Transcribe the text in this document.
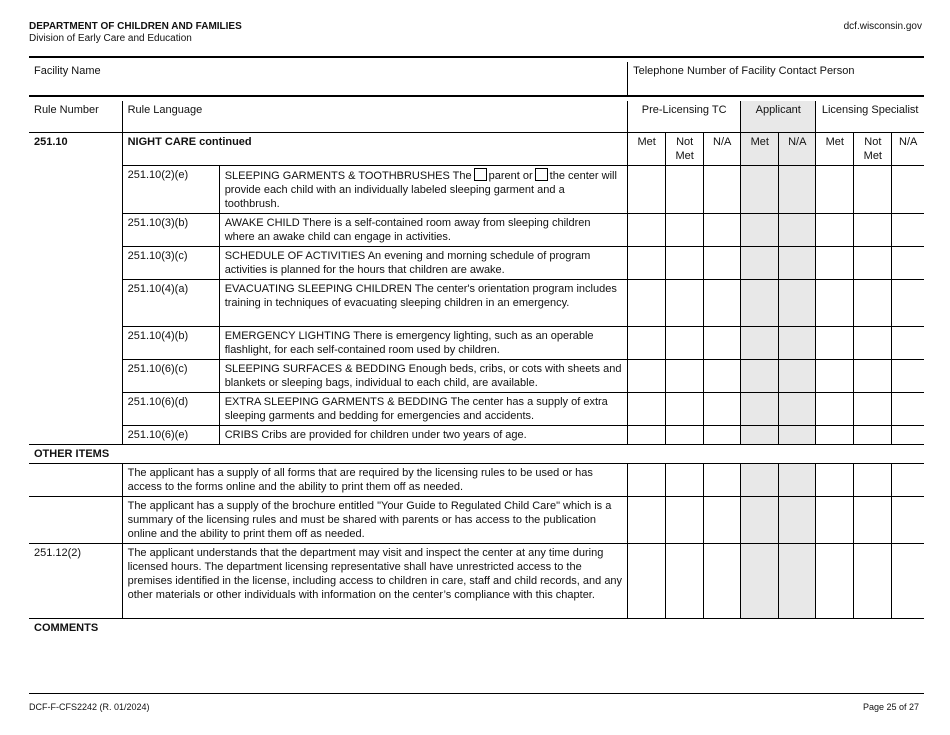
DEPARTMENT OF CHILDREN AND FAMILIES
Division of Early Care and Education
dcf.wisconsin.gov

Facility Name			Telephone Number of Facility Contact Person							

Rule Number	Rule Language		Pre-Licensing TC			Applicant		Licensing Specialist		
251.10	NIGHT CARE continued		Met	Not Met	N/A	Met	N/A	Met	Not Met	N/A
	251.10(2)(e)	SLEEPING GARMENTS & TOOTHBRUSHES The parent or the center will provide each child with an individually labeled sleeping garment and a toothbrush.								
	251.10(3)(b)	AWAKE CHILD There is a self-contained room away from sleeping children where an awake child can engage in activities.								
	251.10(3)(c)	SCHEDULE OF ACTIVITIES An evening and morning schedule of program activities is planned for the hours that children are awake.								
	251.10(4)(a)	EVACUATING SLEEPING CHILDREN The center's orientation program includes training in techniques of evacuating sleeping children in an emergency.								
	251.10(4)(b)	EMERGENCY LIGHTING There is emergency lighting, such as an operable flashlight, for each self-contained room used by children.								
	251.10(6)(c)	SLEEPING SURFACES & BEDDING Enough beds, cribs, or cots with sheets and blankets or sleeping bags, individual to each child, are available.								
	251.10(6)(d)	EXTRA SLEEPING GARMENTS & BEDDING The center has a supply of extra sleeping garments and bedding for emergencies and accidents.								
	251.10(6)(e)	CRIBS Cribs are provided for children under two years of age.								
OTHER ITEMS										
	The applicant has a supply of all forms that are required by the licensing rules to be used or has access to the forms online and the ability to print them off as needed.									
	The applicant has a supply of the brochure entitled "Your Guide to Regulated Child Care" which is a summary of the licensing rules and must be shared with parents or has access to the publication online and the ability to print them off as needed.									
251.12(2)	The applicant understands that the department may visit and inspect the center at any time during licensed hours. The department licensing representative shall have unrestricted access to the premises identified in the license, including access to children in care, staff and child records, and any other materials or other individuals with information on the center’s compliance with this chapter.									
COMMENTS										
DCF-F-CFS2242 (R. 01/2024)	Page 25 of 27
